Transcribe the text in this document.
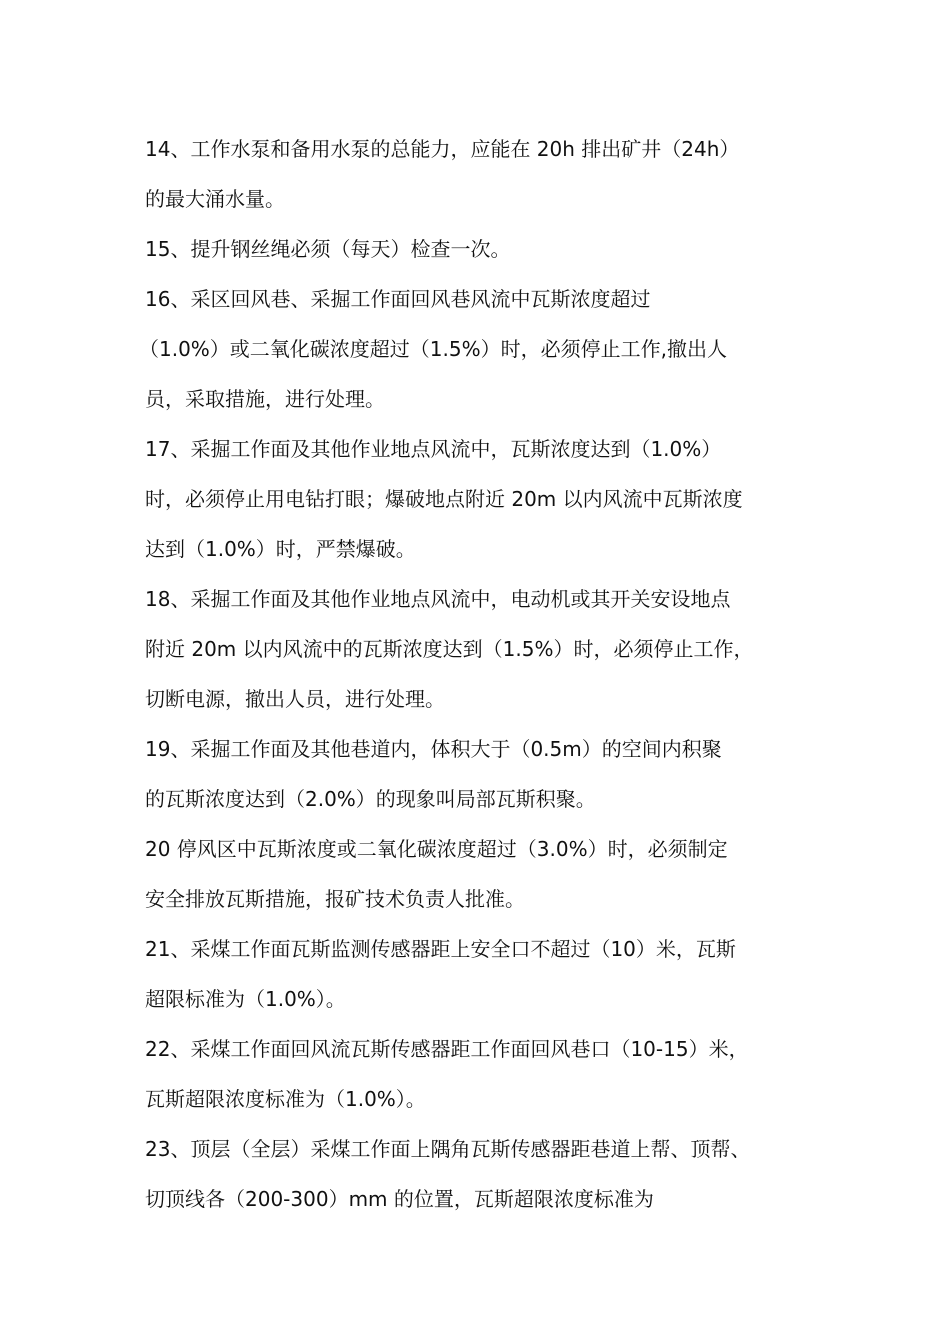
14、工作水泵和备用水泵的总能力，应能在 20h 排出矿井（24h）
的最大涌水量。
15、提升钢丝绳必须（每天）检查一次。
16、采区回风巷、采掘工作面回风巷风流中瓦斯浓度超过
（1.0%）或二氧化碳浓度超过（1.5%）时，必须停止工作,撤出人
员，采取措施，进行处理。
17、采掘工作面及其他作业地点风流中，瓦斯浓度达到（1.0%）
时，必须停止用电钻打眼；爆破地点附近 20m 以内风流中瓦斯浓度
达到（1.0%）时，严禁爆破。
18、采掘工作面及其他作业地点风流中，电动机或其开关安设地点
附近 20m 以内风流中的瓦斯浓度达到（1.5%）时，必须停止工作，
切断电源，撤出人员，进行处理。
19、采掘工作面及其他巷道内，体积大于（0.5m）的空间内积聚
的瓦斯浓度达到（2.0%）的现象叫局部瓦斯积聚。
20 停风区中瓦斯浓度或二氧化碳浓度超过（3.0%）时，必须制定
安全排放瓦斯措施，报矿技术负责人批准。
21、采煤工作面瓦斯监测传感器距上安全口不超过（10）米，瓦斯
超限标准为（1.0%）。
22、采煤工作面回风流瓦斯传感器距工作面回风巷口（10-15）米，
瓦斯超限浓度标准为（1.0%）。
23、顶层（全层）采煤工作面上隅角瓦斯传感器距巷道上帮、顶帮、
切顶线各（200-300）mm 的位置，瓦斯超限浓度标准为
